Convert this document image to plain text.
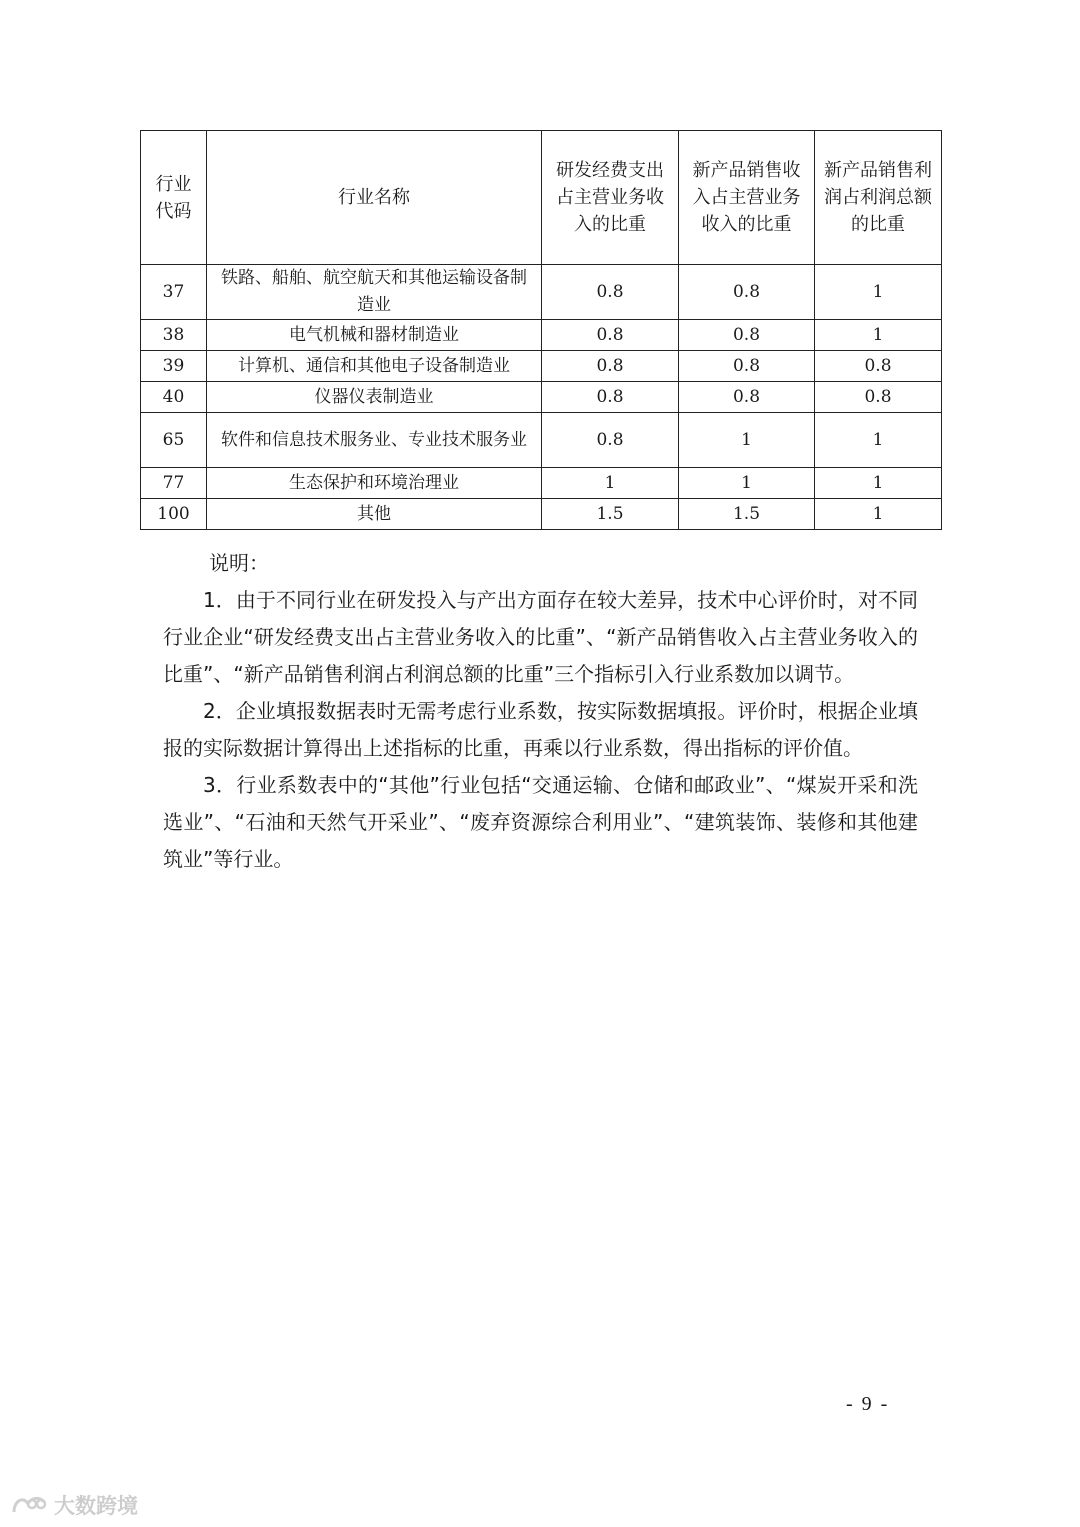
行业代码	行业名称	研发经费支出占主营业务收入的比重	新产品销售收入占主营业务收入的比重	新产品销售利润占利润总额的比重
37	铁路、船舶、航空航天和其他运输设备制造业	0.8	0.8	1
38	电气机械和器材制造业	0.8	0.8	1
39	计算机、通信和其他电子设备制造业	0.8	0.8	0.8
40	仪器仪表制造业	0.8	0.8	0.8
65	软件和信息技术服务业、专业技术服务业	0.8	1	1
77	生态保护和环境治理业	1	1	1
100	其他	1.5	1.5	1

说明：

1．由于不同行业在研发投入与产出方面存在较大差异，技术中心评价时，对不同行业企业“研发经费支出占主营业务收入的比重”、“新产品销售收入占主营业务收入的比重”、“新产品销售利润占利润总额的比重”三个指标引入行业系数加以调节。

2．企业填报数据表时无需考虑行业系数，按实际数据填报。评价时，根据企业填报的实际数据计算得出上述指标的比重，再乘以行业系数，得出指标的评价值。

3．行业系数表中的“其他”行业包括“交通运输、仓储和邮政业”、“煤炭开采和洗选业”、“石油和天然气开采业”、“废弃资源综合利用业”、“建筑装饰、装修和其他建筑业”等行业。

- 9 -
大数跨境
